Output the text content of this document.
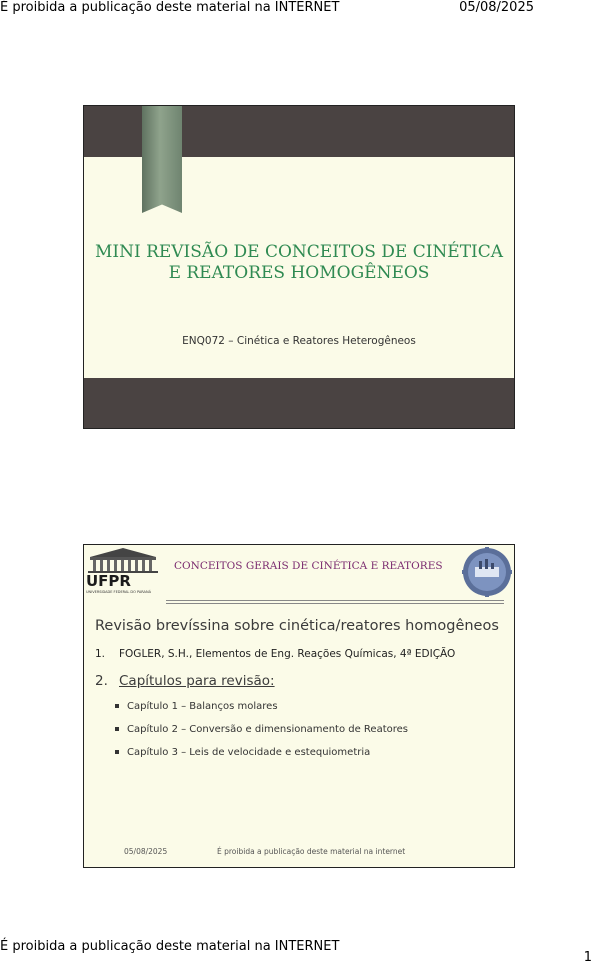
É proibida a publicação deste material na INTERNET	05/08/2025
MINI REVISÃO DE CONCEITOS DE CINÉTICA
E REATORES HOMOGÊNEOS
ENQ072 – Cinética e Reatores Heterogêneos
UFPR
UNIVERSIDADE FEDERAL DO PARANÁ
CONCEITOS GERAIS DE CINÉTICA E REATORES
Revisão brevíssina sobre cinética/reatores homogêneos
1. FOGLER, S.H., Elementos de Eng. Reações Químicas, 4ª EDIÇÃO
2. Capítulos para revisão:
Capítulo 1 – Balanços molares
Capítulo 2 – Conversão e dimensionamento de Reatores
Capítulo 3 – Leis de velocidade e estequiometria
05/08/2025	É proibida a publicação deste material na internet
É proibida a publicação deste material na INTERNET
1
